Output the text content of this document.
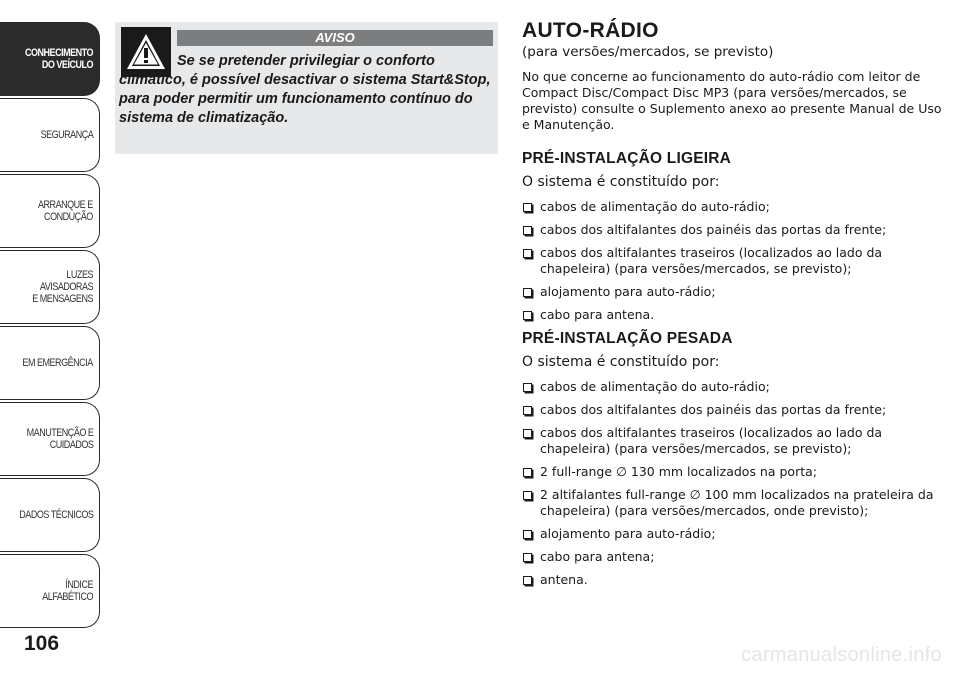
CONHECIMENTO
DO VEÍCULO
SEGURANÇA
ARRANQUE E
CONDUÇÃO
LUZES AVISADORAS
E MENSAGENS
EM EMERGÊNCIA
MANUTENÇÃO E
CUIDADOS
DADOS TÉCNICOS
ÍNDICE ALFABÉTICO
106
AVISO

Se se pretender privilegiar o conforto climático, é possível desactivar o sistema Start&Stop, para poder permitir um funcionamento contínuo do sistema de climatização.

AUTO-RÁDIO
(para versões/mercados, se previsto)

No que concerne ao funcionamento do auto-rádio com leitor de Compact Disc/Compact Disc MP3 (para versões/mercados, se previsto) consulte o Suplemento anexo ao presente Manual de Uso e Manutenção.

PRÉ-INSTALAÇÃO LIGEIRA

O sistema é constituído por:

cabos de alimentação do auto-rádio;
cabos dos altifalantes dos painéis das portas da frente;
cabos dos altifalantes traseiros (localizados ao lado da chapeleira) (para versões/mercados, se previsto);
alojamento para auto-rádio;
cabo para antena.
PRÉ-INSTALAÇÃO PESADA

O sistema é constituído por:

cabos de alimentação do auto-rádio;
cabos dos altifalantes dos painéis das portas da frente;
cabos dos altifalantes traseiros (localizados ao lado da chapeleira) (para versões/mercados, se previsto);
2 full-range ∅ 130 mm localizados na porta;
2 altifalantes full-range ∅ 100 mm localizados na prateleira da chapeleira) (para versões/mercados, onde previsto);
alojamento para auto-rádio;
cabo para antena;
antena.
carmanualsonline.info
